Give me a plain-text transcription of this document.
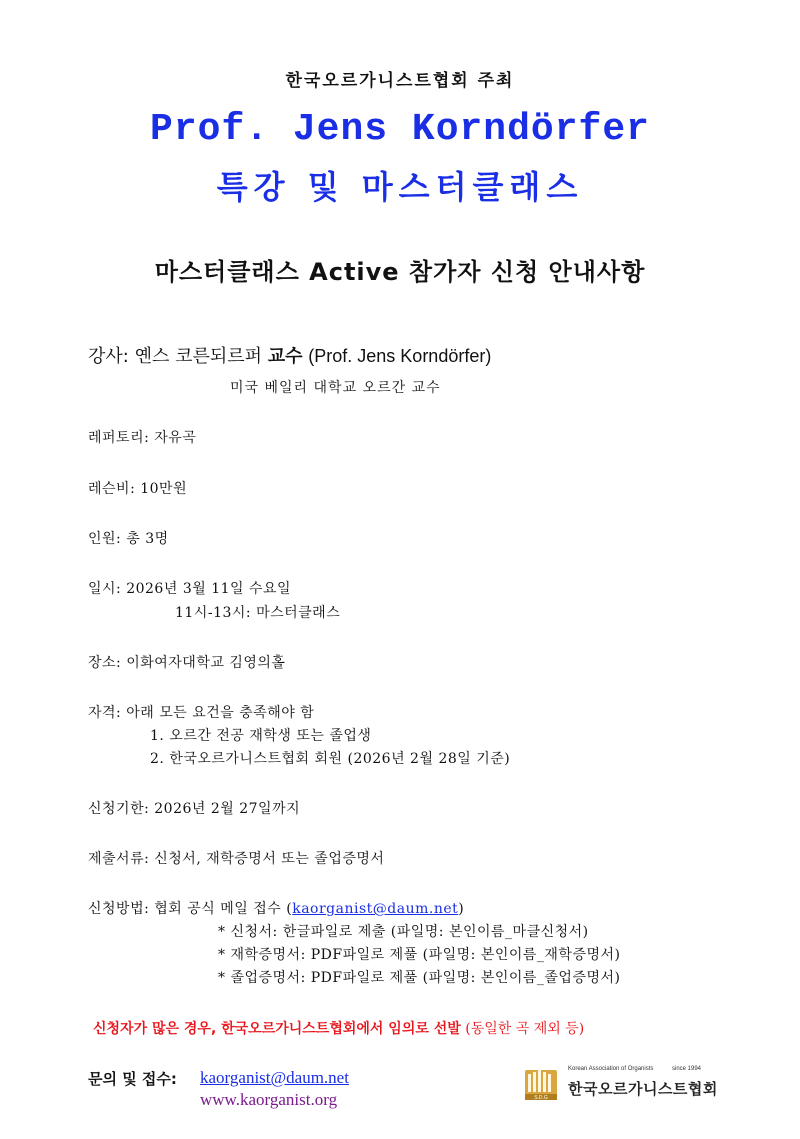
한국오르가니스트협회 주최
Prof. Jens Korndörfer
특강 및 마스터클래스
마스터클래스 Active 참가자 신청 안내사항
강사: 옌스 코른되르퍼 교수 (Prof. Jens Korndörfer)
미국 베일리 대학교 오르간 교수
레퍼토리: 자유곡
레슨비: 10만원
인원: 총 3명
일시: 2026년 3월 11일 수요일
11시-13시: 마스터클래스
장소: 이화여자대학교 김영의홀
자격: 아래 모든 요건을 충족해야 함
1. 오르간 전공 재학생 또는 졸업생
2. 한국오르가니스트협회 회원 (2026년 2월 28일 기준)
신청기한: 2026년 2월 27일까지
제출서류: 신청서, 재학증명서 또는 졸업증명서
신청방법: 협회 공식 메일 접수 (kaorganist@daum.net)
* 신청서: 한글파일로 제출 (파일명: 본인이름_마클신청서)
* 재학증명서: PDF파일로 제풀 (파일명: 본인이름_재학증명서)
* 졸업증명서: PDF파일로 제풀 (파일명: 본인이름_졸업증명서)
신청자가 많은 경우, 한국오르가니스트협회에서 임의로 선발 (동일한 곡 제외 등)
문의 및 접수: kaorganist@daum.net
www.kaorganist.org	S.D.G
Korean Association of Organists	since 1994
한국오르가니스트협회
